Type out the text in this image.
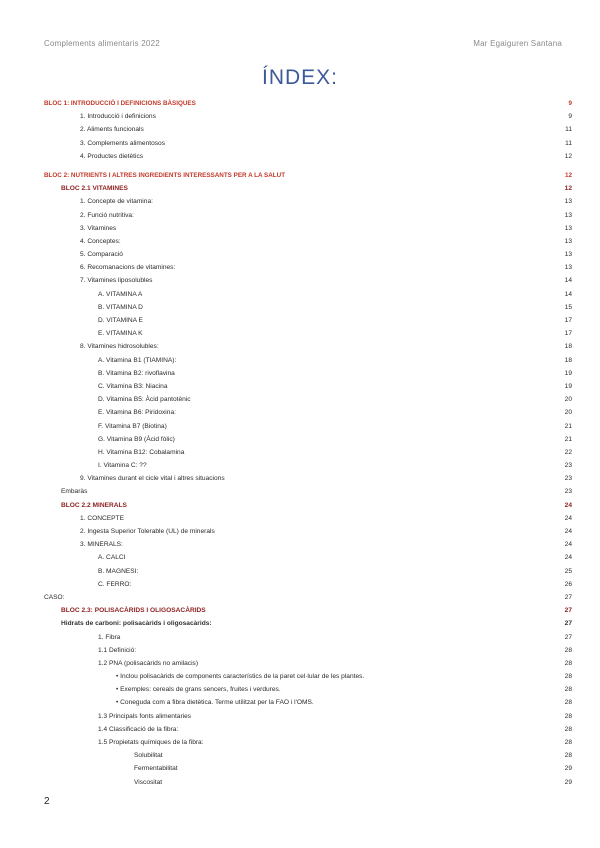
Complements alimentaris 2022	Mar Egaiguren Santana
ÍNDEX:
BLOC 1: INTRODUCCIÓ I DEFINICIONS BÀSIQUES	9
1. Introducció i definicions	9
2. Aliments funcionals	11
3. Complements alimentosos	11
4. Productes dietètics	12
BLOC 2: NUTRIENTS I ALTRES INGREDIENTS INTERESSANTS PER A LA SALUT	12
BLOC 2.1 VITAMINES	12
1. Concepte de vitamina:	13
2. Funció nutritiva:	13
3. Vitamines	13
4. Conceptes:	13
5. Comparació	13
6. Recomanacions de vitamines:	13
7. Vitamines liposolubles	14
A. VITAMINA A	14
B. VITAMINA D	15
D. VITAMINA E	17
E. VITAMINA K	17
8. Vitamines hidrosolubles:	18
A. Vitamina B1 (TIAMINA):	18
B. Vitamina B2: rivoflavina	19
C. Vitamina B3: Niacina	19
D. Vitamina B5: Àcid pantotènic	20
E. Vitamina B6: Piridoxina:	20
F. Vitamina B7 (Biotina)	21
G. Vitamina B9 (Àcid fòlic)	21
H. Vitamina B12: Cobalamina	22
I. Vitamina C: ??	23
9. Vitamines durant el cicle vital i altres situacions	23
Embaràs	23
BLOC 2.2 MINERALS	24
1. CONCEPTE	24
2. Ingesta Superior Tolerable (UL) de minerals	24
3. MINERALS:	24
A. CALCI	24
B. MAGNESI:	25
C. FERRO:	26
CASO:	27
BLOC 2.3: POLISACÀRIDS I OLIGOSACÀRIDS	27
Hidrats de carboni: polisacàrids i oligosacàrids:	27
1. Fibra	27
1.1 Definició:	28
1.2 PNA (polisacàrids no amilacis)	28
• Inclou polisacàrids de components característics de la paret cel·lular de les plantes.	28
• Exemples: cereals de grans sencers, fruites i verdures.	28
• Coneguda com a fibra dietètica. Terme utilitzat per la FAO i l'OMS.	28
1.3 Principals fonts alimentaries	28
1.4 Classificació de la fibra:	28
1.5 Propietats químiques de la fibra:	28
Solubilitat	28
Fermentabilitat	29
Viscositat	29
2
